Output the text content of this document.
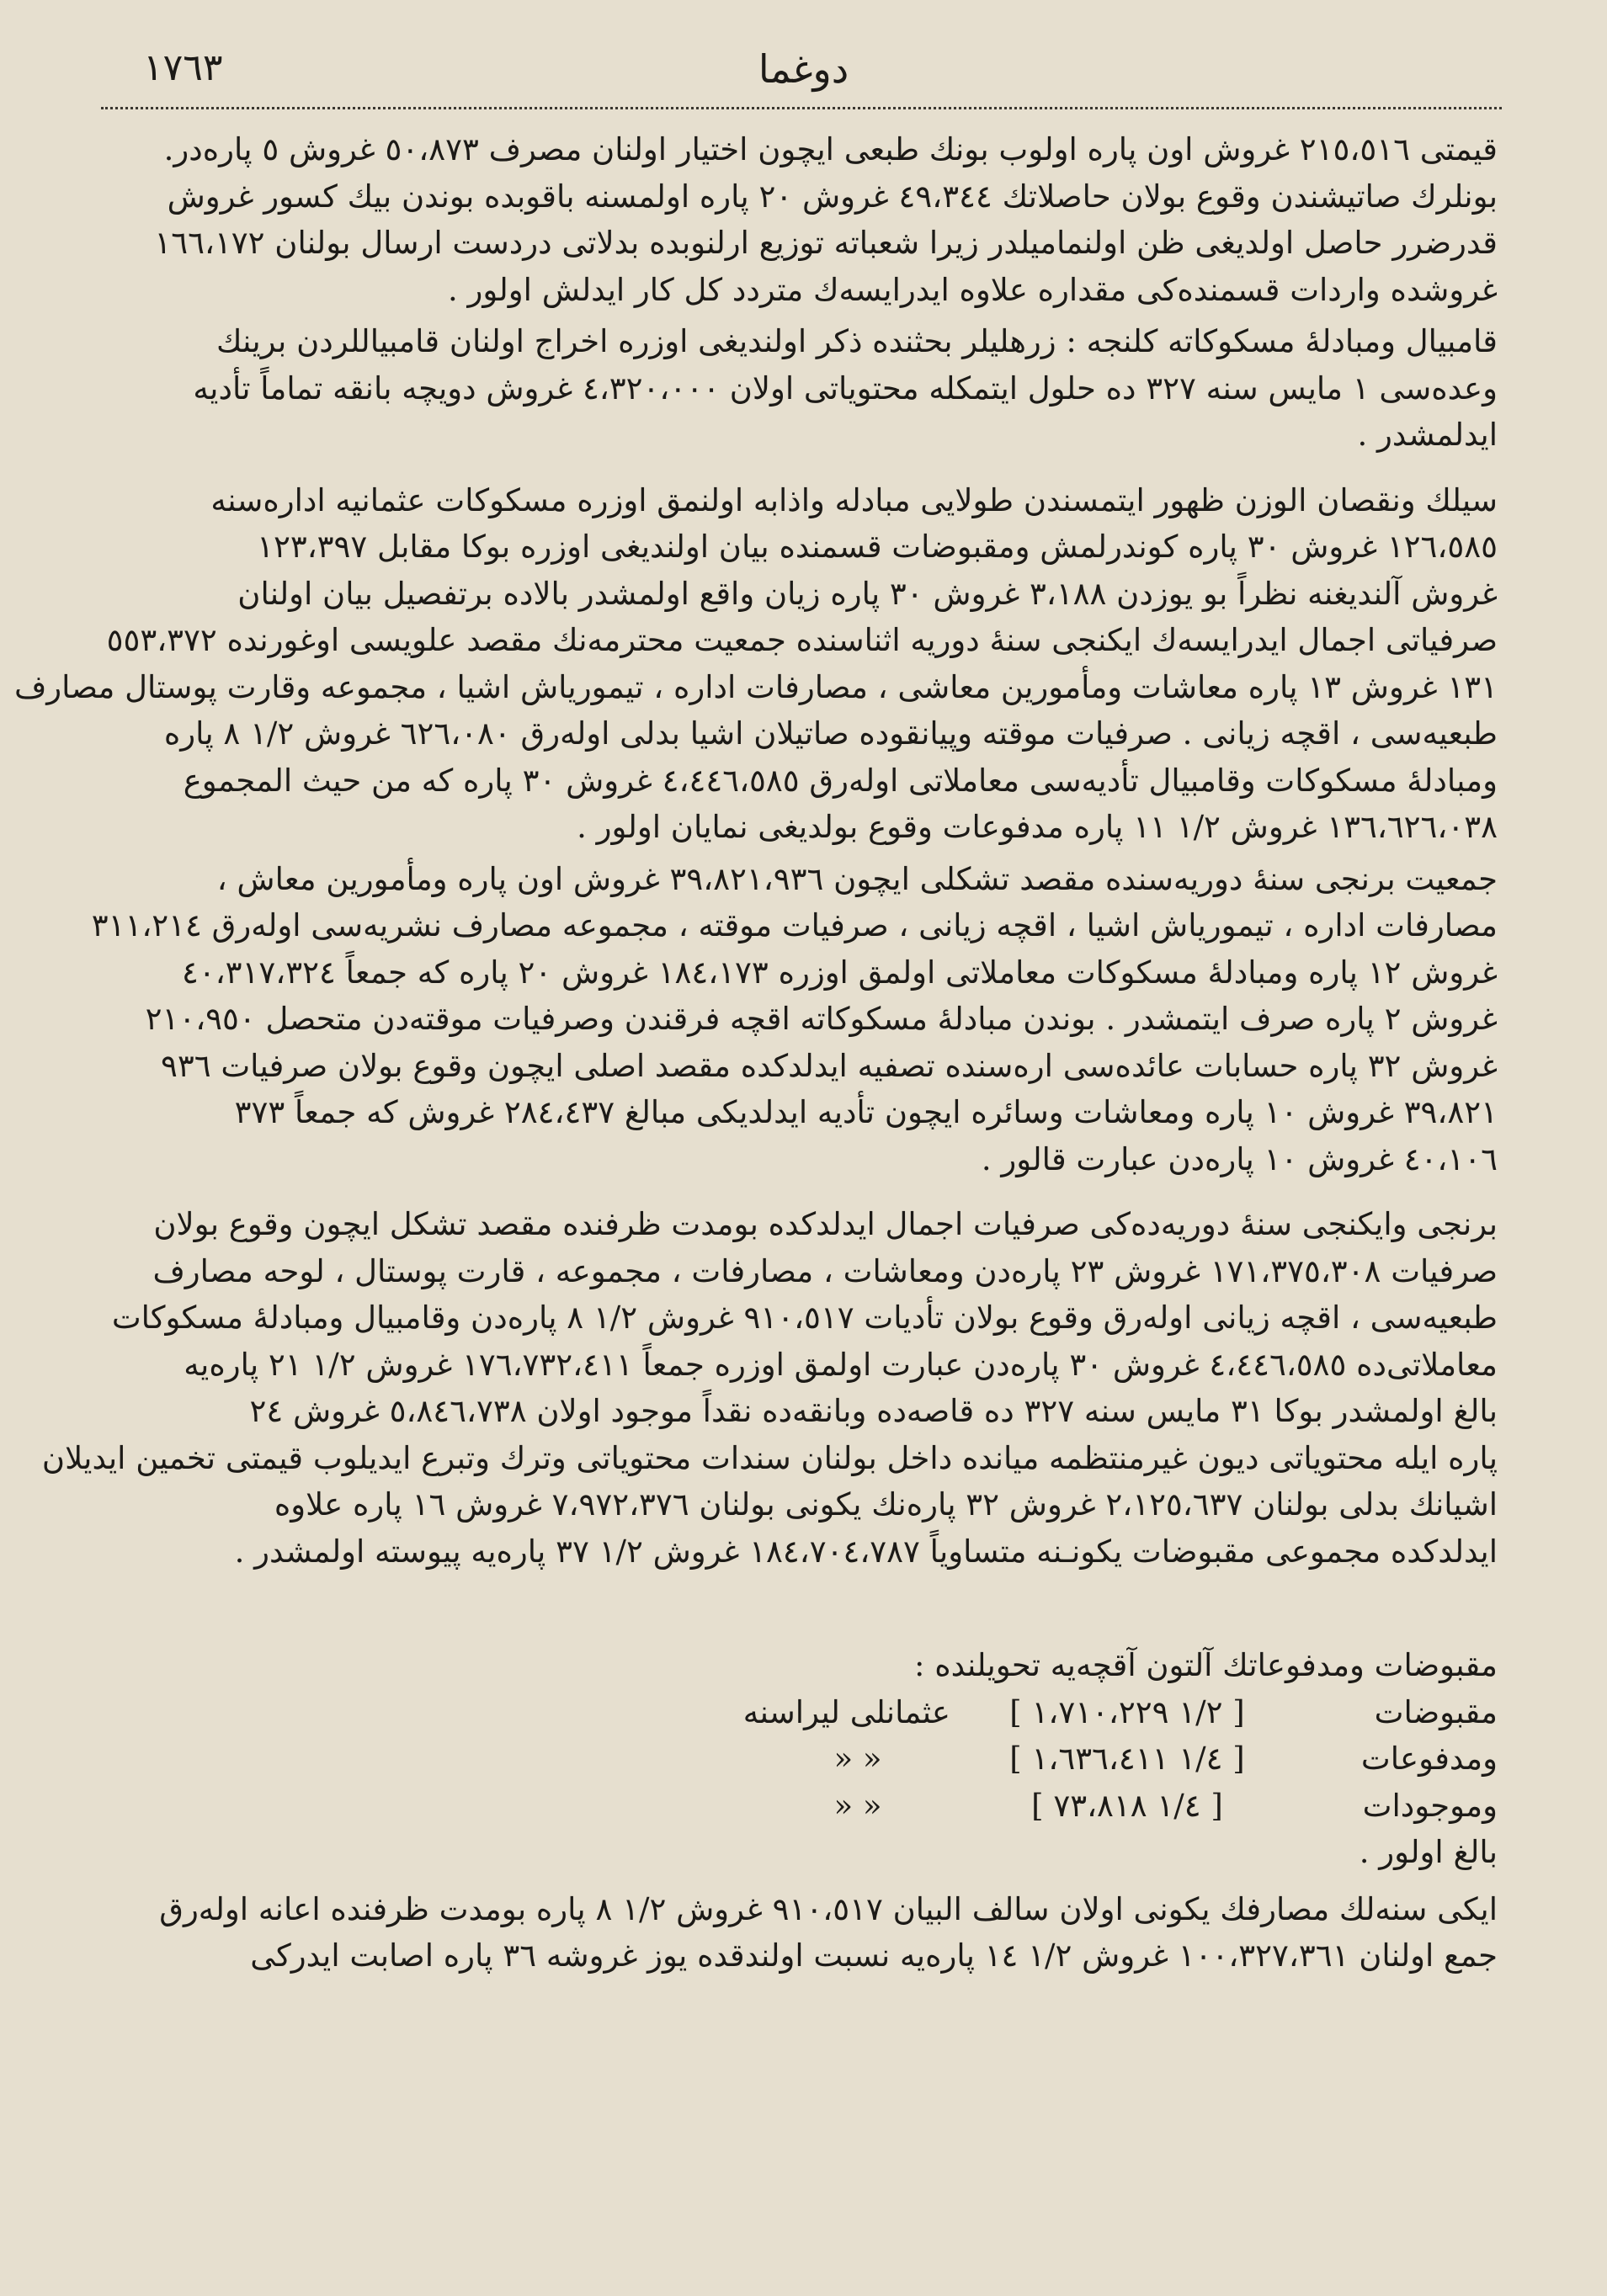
١٧٦٣	دوغما
قیمتی ٢١٥،٥١٦ غروش اون پاره اولوب بونك طبعی ایچون اختیار اولنان مصرف ٥٠،٨٧٣ غروش ٥ پاره‌در.
بونلرك صاتیشندن وقوع بولان حاصلاتك ٤٩،٣٤٤ غروش ٢٠ پاره اولمسنه باقوبده بوندن بیك كسور غروش
قدرضرر حاصل اولدیغی ظن اولنمامیلدر زیرا شعباته توزیع ارلنوبده بدلاتی دردست ارسال بولنان ١٦٦،١٧٢
غروشده واردات قسمنده‌كی مقداره علاوه ایدرایسه‌ك متردد كل كار ایدلش اولور .
قامبیال ومبادلهٔ مسكوكاته كلنجه : زرهلیلر بحثنده ذكر اولندیغی اوزره اخراج اولنان قامبیاللردن برینك
وعده‌سی ١ مایس سنه ٣٢٧ ده حلول ایتمكله محتویاتی اولان ٤،٣٢٠،٠٠٠ غروش دویچه بانقه تماماً تأدیه
ایدلمشدر .
سیلك ونقصان الوزن ظهور ایتمسندن طولایی مبادله واذابه اولنمق اوزره مسكوكات عثمانیه اداره‌سنه
١٢٦،٥٨٥ غروش ٣٠ پاره كوندرلمش ومقبوضات قسمنده بیان اولندیغی اوزره بوكا مقابل ١٢٣،٣٩٧
غروش آلندیغنه نظراً بو یوزدن ٣،١٨٨ غروش ٣٠ پاره زیان واقع اولمشدر بالاده برتفصیل بیان اولنان
صرفیاتی اجمال ایدرایسه‌ك ایكنجی سنهٔ دوریه اثناسنده جمعیت محترمه‌نك مقصد علویسی اوغورنده ٥٥٣،٣٧٢
١٣١ غروش ١٣ پاره معاشات ومأمورین معاشی ، مصارفات اداره ، تیموریاش اشیا ، مجموعه وقارت پوستال مصارف
طبعیه‌سی ، اقچه زیانی . صرفیات موقته وپیانقوده صاتیلان اشیا بدلی اوله‌رق ٦٢٦،٠٨٠ غروش ١/٢ ٨ پاره
ومبادلهٔ مسكوكات وقامبیال تأدیه‌سی معاملاتی اوله‌رق ٤،٤٤٦،٥٨٥ غروش ٣٠ پاره كه من حیث المجموع
١٣٦،٦٢٦،٠٣٨ غروش ١/٢ ١١ پاره مدفوعات وقوع بولدیغی نمایان اولور .
جمعیت برنجی سنهٔ دوریه‌سنده مقصد تشكلی ایچون ٣٩،٨٢١،٩٣٦ غروش اون پاره ومأمورین معاش ،
مصارفات اداره ، تیموریاش اشیا ، اقچه زیانی ، صرفیات موقته ، مجموعه مصارف نشریه‌سی اوله‌رق ٣١١،٢١٤
غروش ١٢ پاره ومبادلهٔ مسكوكات معاملاتی اولمق اوزره ١٨٤،١٧٣ غروش ٢٠ پاره كه جمعاً ٤٠،٣١٧،٣٢٤
غروش ٢ پاره صرف ایتمشدر . بوندن مبادلهٔ مسكوكاته اقچه فرقندن وصرفیات موقته‌دن متحصل ٢١٠،٩٥٠
غروش ٣٢ پاره حسابات عائده‌سی اره‌سنده تصفیه ایدلدكده مقصد اصلی ایچون وقوع بولان صرفیات ٩٣٦
٣٩،٨٢١ غروش ١٠ پاره ومعاشات وسائره ایچون تأدیه ایدلدیكی مبالغ ٢٨٤،٤٣٧ غروش كه جمعاً ٣٧٣
٤٠،١٠٦ غروش ١٠ پاره‌دن عبارت قالور .
برنجی وایكنجی سنهٔ دوریه‌ده‌كی صرفیات اجمال ایدلدكده بومدت ظرفنده مقصد تشكل ایچون وقوع بولان
صرفیات ١٧١،٣٧٥،٣٠٨ غروش ٢٣ پاره‌دن ومعاشات ، مصارفات ، مجموعه ، قارت پوستال ، لوحه مصارف
طبعیه‌سی ، اقچه زیانی اوله‌رق وقوع بولان تأدیات ٩١٠،٥١٧ غروش ١/٢ ٨ پاره‌دن وقامبیال ومبادلهٔ مسكوكات
معاملاتی‌ده ٤،٤٤٦،٥٨٥ غروش ٣٠ پاره‌دن عبارت اولمق اوزره جمعاً ١٧٦،٧٣٢،٤١١ غروش ١/٢ ٢١ پاره‌یه
بالغ اولمشدر بوكا ٣١ مایس سنه ٣٢٧ ده قاصه‌ده وبانقه‌ده نقداً موجود اولان ٥،٨٤٦،٧٣٨ غروش ٢٤
پاره ایله محتویاتی دیون غیرمنتظمه میانده داخل بولنان سندات محتویاتی وترك وتبرع ایدیلوب قیمتی تخمین ایدیلان
اشیانك بدلی بولنان ٢،١٢٥،٦٣٧ غروش ٣٢ پاره‌نك یكونی بولنان ٧،٩٧٢،٣٧٦ غروش ١٦ پاره علاوه
ایدلدكده مجموعی مقبوضات یكونـنه متساویاً ١٨٤،٧٠٤،٧٨٧ غروش ١/٢ ٣٧ پاره‌یه پیوسته اولمشدر .
مقبوضات ومدفوعاتك آلتون آقچه‌یه تحویلنده :
مقبوضات
[ ١/٢ ١،٧١٠،٢٢٩ ]
عثمانلی لیراسنه
ومدفوعات
[ ١/٤ ١،٦٣٦،٤١١ ]
« «
وموجودات
[ ١/٤ ٧٣،٨١٨ ]
« «
بالغ اولور .
ایكی سنه‌لك مصارفك یكونی اولان سالف البیان ٩١٠،٥١٧ غروش ١/٢ ٨ پاره بومدت ظرفنده اعانه اوله‌رق
جمع اولنان ١٠٠،٣٢٧،٣٦١ غروش ١/٢ ١٤ پاره‌یه نسبت اولندقده یوز غروشه ٣٦ پاره اصابت ایدركی
